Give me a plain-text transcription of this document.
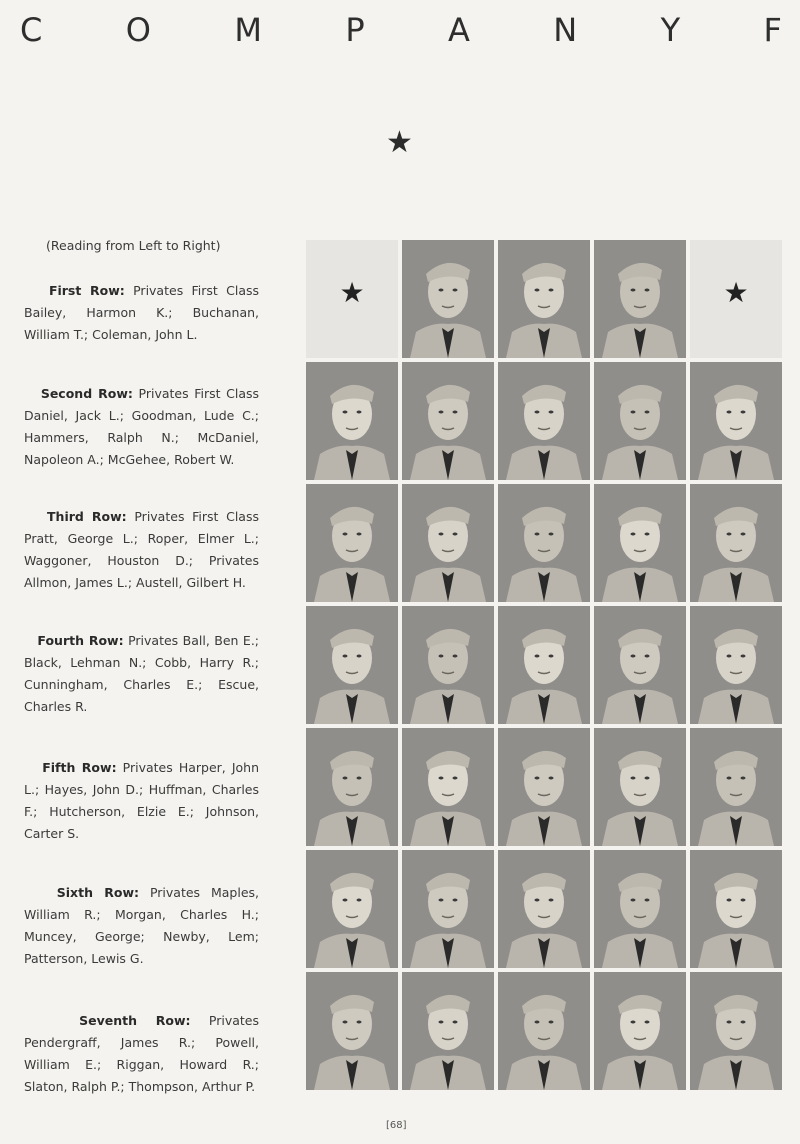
C	O	M	P	A	N	Y	F
★
(Reading from Left to Right)
First Row: Privates First Class Bailey, Harmon K.; Buchanan, William T.; Coleman, John L.
Second Row: Privates First Class Daniel, Jack L.; Goodman, Lude C.; Hammers, Ralph N.; McDaniel, Napoleon A.; McGehee, Robert W.
Third Row: Privates First Class Pratt, George L.; Roper, Elmer L.; Waggoner, Houston D.; Privates Allmon, James L.; Austell, Gilbert H.
Fourth Row: Privates Ball, Ben E.; Black, Lehman N.; Cobb, Harry R.; Cunningham, Charles E.; Escue, Charles R.
Fifth Row: Privates Harper, John L.; Hayes, John D.; Huffman, Charles F.; Hutcherson, Elzie E.; Johnson, Carter S.
Sixth Row: Privates Maples, William R.; Morgan, Charles H.; Muncey, George; Newby, Lem; Patterson, Lewis G.
Seventh Row: Privates Pendergraff, James R.; Powell, William E.; Riggan, Howard R.; Slaton, Ralph P.; Thompson, Arthur P.
★	★
[68]
